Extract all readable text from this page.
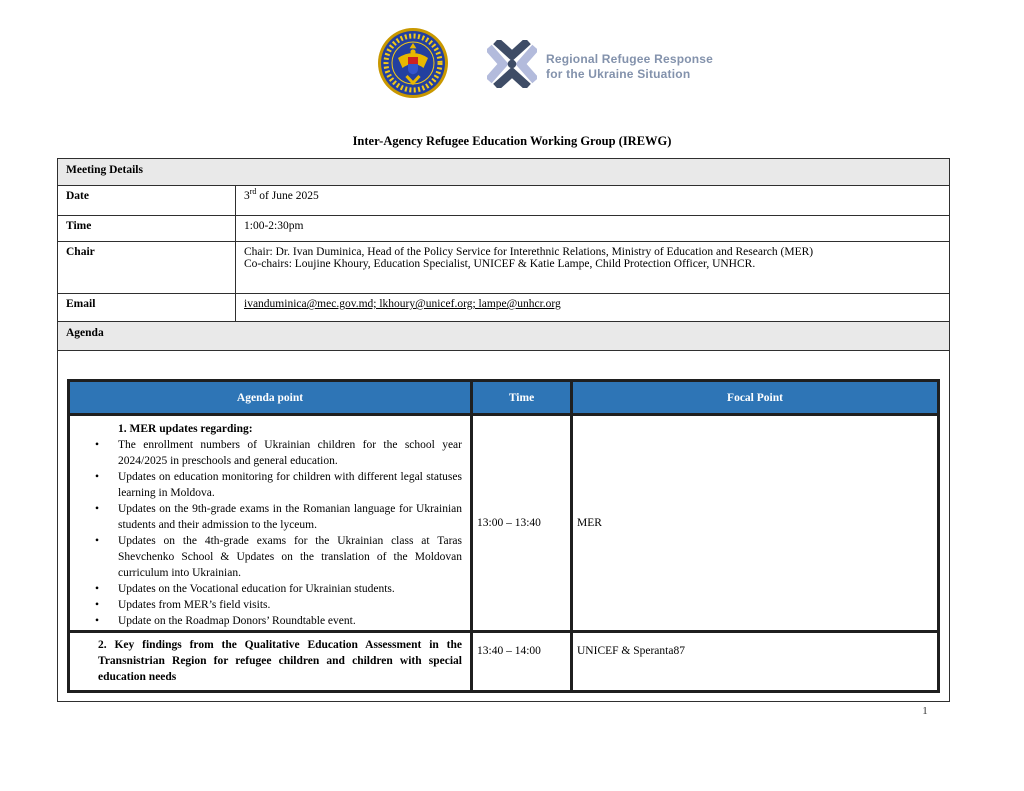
Regional Refugee Response
for the Ukraine Situation
Inter-Agency Refugee Education Working Group (IREWG)
Meeting Details
Date	3rd of June 2025
Time	1:00-2:30pm
Chair	Chair: Dr. Ivan Duminica, Head of the Policy Service for Interethnic Relations, Ministry of Education and Research (MER)
Co-chairs: Loujine Khoury, Education Specialist, UNICEF & Katie Lampe, Child Protection Officer, UNHCR.
Email	ivanduminica@mec.gov.md; lkhoury@unicef.org; lampe@unhcr.org
Agenda
Agenda point	Time	Focal Point
1. MER updates regarding:
• The enrollment numbers of Ukrainian children for the school year 2024/2025 in preschools and general education.
• Updates on education monitoring for children with different legal statuses learning in Moldova.
• Updates on the 9th-grade exams in the Romanian language for Ukrainian students and their admission to the lyceum.
• Updates on the 4th-grade exams for the Ukrainian class at Taras Shevchenko School & Updates on the translation of the Moldovan curriculum into Ukrainian.
• Updates on the Vocational education for Ukrainian students.
• Updates from MER’s field visits.
• Update on the Roadmap Donors’ Roundtable event.
13:00 – 13:40	MER
2. Key findings from the Qualitative Education Assessment in the Transnistrian Region for refugee children and children with special education needs
13:40 – 14:00	UNICEF & Speranta87
1
